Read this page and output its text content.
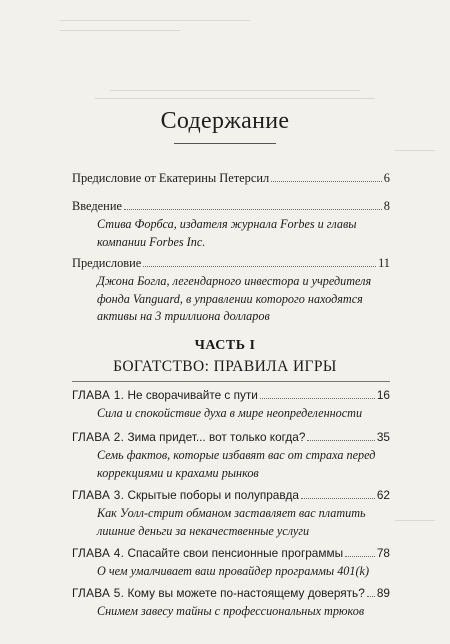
Содержание
Предисловие от Екатерины Петерсил	6
Введение	8
Стива Форбса, издателя журнала Forbes и главы компании Forbes Inc.
Предисловие	11
Джона Богла, легендарного инвестора и учредителя фонда Vanguard, в управлении которого находятся активы на 3 триллиона долларов
ЧАСТЬ I
БОГАТСТВО: ПРАВИЛА ИГРЫ
ГЛАВА 1. Не сворачивайте с пути	16
Сила и спокойствие духа в мире неопределенности
ГЛАВА 2. Зима придет... вот только когда?	35
Семь фактов, которые избавят вас от страха перед коррекциями и крахами рынков
ГЛАВА 3. Скрытые поборы и полуправда	62
Как Уолл-стрит обманом заставляет вас платить лишние деньги за некачественные услуги
ГЛАВА 4. Спасайте свои пенсионные программы	78
О чем умалчивает ваш провайдер программы 401(k)
ГЛАВА 5. Кому вы можете по-настоящему доверять? 89
Снимем завесу тайны с профессиональных трюков
